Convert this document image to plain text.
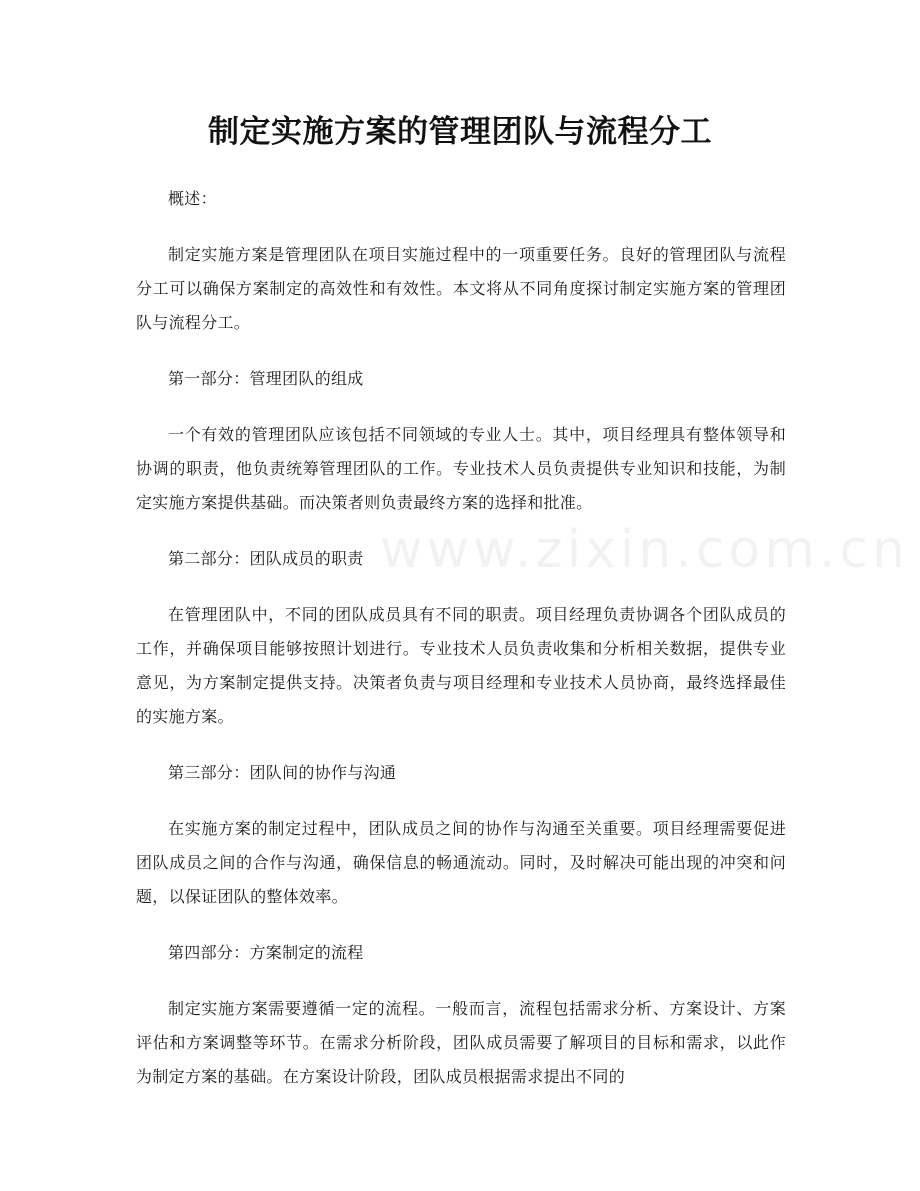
www.zixin.com.cn
制定实施方案的管理团队与流程分工

概述：

制定实施方案是管理团队在项目实施过程中的一项重要任务。良好的管理团队与流程分工可以确保方案制定的高效性和有效性。本文将从不同角度探讨制定实施方案的管理团队与流程分工。

第一部分：管理团队的组成

一个有效的管理团队应该包括不同领域的专业人士。其中，项目经理具有整体领导和协调的职责，他负责统筹管理团队的工作。专业技术人员负责提供专业知识和技能，为制定实施方案提供基础。而决策者则负责最终方案的选择和批准。

第二部分：团队成员的职责

在管理团队中，不同的团队成员具有不同的职责。项目经理负责协调各个团队成员的工作，并确保项目能够按照计划进行。专业技术人员负责收集和分析相关数据，提供专业意见，为方案制定提供支持。决策者负责与项目经理和专业技术人员协商，最终选择最佳的实施方案。

第三部分：团队间的协作与沟通

在实施方案的制定过程中，团队成员之间的协作与沟通至关重要。项目经理需要促进团队成员之间的合作与沟通，确保信息的畅通流动。同时，及时解决可能出现的冲突和问题，以保证团队的整体效率。

第四部分：方案制定的流程

制定实施方案需要遵循一定的流程。一般而言，流程包括需求分析、方案设计、方案评估和方案调整等环节。在需求分析阶段，团队成员需要了解项目的目标和需求，以此作为制定方案的基础。在方案设计阶段，团队成员根据需求提出不同的
